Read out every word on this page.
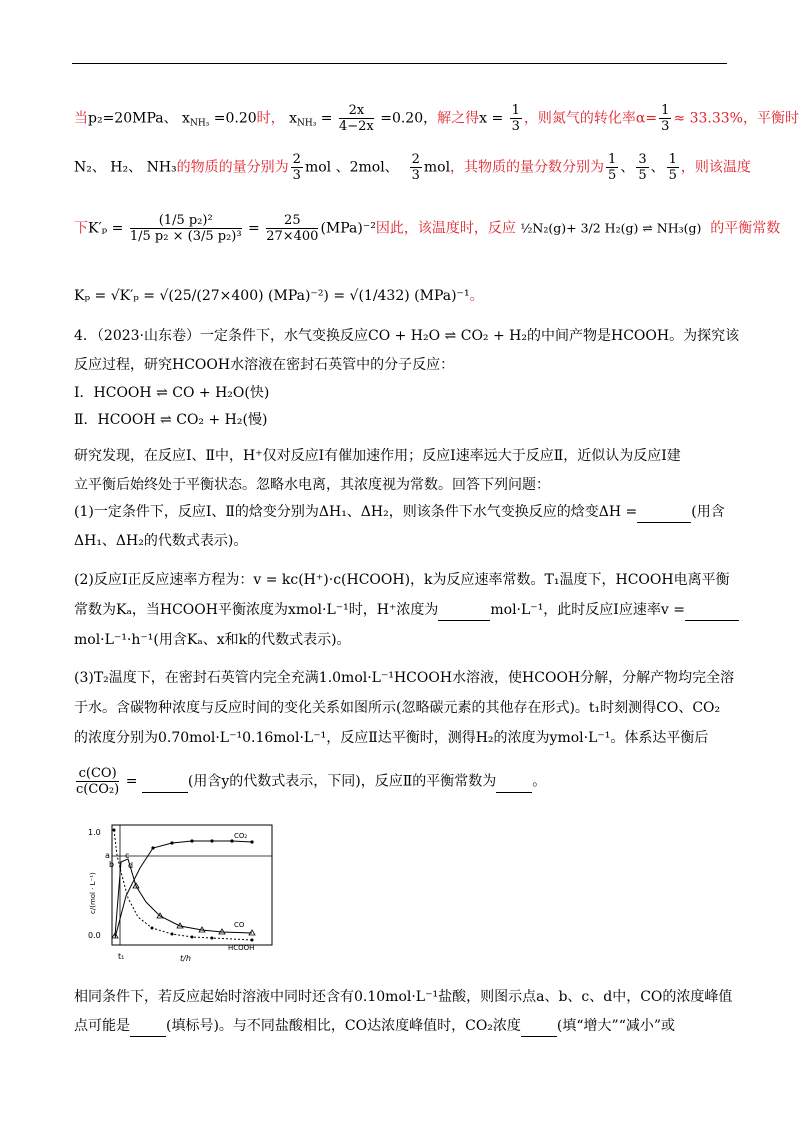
当p₂=20MPa、 $x_{NH_3} =0.20$时， $x_{NH_3} = \frac{2x}{4-2x} =0.20$，解之得$x = \frac{1}{3}$ ，则氮气的转化率$\alpha= \frac{1}{3} \approx 33.33\%$，平衡时
N₂、 H₂、 NH₃的物质的量分别为 $\frac{2}{3}$ mol 、2mol、 $\frac{2}{3}$ mol，其物质的量分数分别为 $\frac{1}{5}$ 、 $\frac{3}{5}$ 、 $\frac{1}{5}$ ，则该温度
下$K'_p = \frac{\text{(1/5 p₂)²}}{\text{1/5 p₂ × (3/5 p₂)³}} = \frac{25}{27\times 400} (MPa)^{-2}$因此，该温度时，反应 ½N₂(g)+ 3/2 H₂(g) ⇌ NH₃(g) 的平衡常数
Kₚ = √K′ₚ = √(25/(27×400) (MPa)⁻²) = √(1/432) (MPa)⁻¹。
4．（2023·山东卷）一定条件下，水气变换反应CO + H₂O ⇌ CO₂ + H₂的中间产物是HCOOH。为探究该
反应过程，研究HCOOH水溶液在密封石英管中的分子反应：
Ⅰ．HCOOH ⇌ CO + H₂O(快)
Ⅱ．HCOOH ⇌ CO₂ + H₂(慢)
研究发现，在反应Ⅰ、Ⅱ中，H⁺仅对反应Ⅰ有催加速作用；反应Ⅰ速率远大于反应Ⅱ，近似认为反应Ⅰ建
立平衡后始终处于平衡状态。忽略水电离，其浓度视为常数。回答下列问题：
(1)一定条件下，反应Ⅰ、Ⅱ的焓变分别为ΔH₁、ΔH₂，则该条件下水气变换反应的焓变ΔH =	(用含
ΔH₁、ΔH₂的代数式表示)。
(2)反应Ⅰ正反应速率方程为：v = kc(H⁺)·c(HCOOH)，k为反应速率常数。T₁温度下，HCOOH电离平衡
常数为Kₐ，当HCOOH平衡浓度为xmol·L⁻¹时，H⁺浓度为	mol·L⁻¹，此时反应Ⅰ应速率v =
mol·L⁻¹·h⁻¹(用含Kₐ、x和k的代数式表示)。
(3)T₂温度下，在密封石英管内完全充满1.0mol·L⁻¹HCOOH水溶液，使HCOOH分解，分解产物均完全溶
于水。含碳物种浓度与反应时间的变化关系如图所示(忽略碳元素的其他存在形式)。t₁时刻测得CO、CO₂
的浓度分别为0.70mol·L⁻¹0.16mol·L⁻¹，反应Ⅱ达平衡时，测得H₂的浓度为ymol·L⁻¹。体系达平衡后
$\frac{c(CO)}{\text{c(CO₂)}}$ =	(用含y的代数式表示，下同)，反应Ⅱ的平衡常数为	。
1.0
0.0
c/(mol · L⁻¹)
t₁	t/h
CO₂
CO
HCOOH
a
b
c
d
相同条件下，若反应起始时溶液中同时还含有0.10mol·L⁻¹盐酸，则图示点a、b、c、d中，CO的浓度峰值
点可能是	(填标号)。与不同盐酸相比，CO达浓度峰值时，CO₂浓度	(填“增大”“减小”或
